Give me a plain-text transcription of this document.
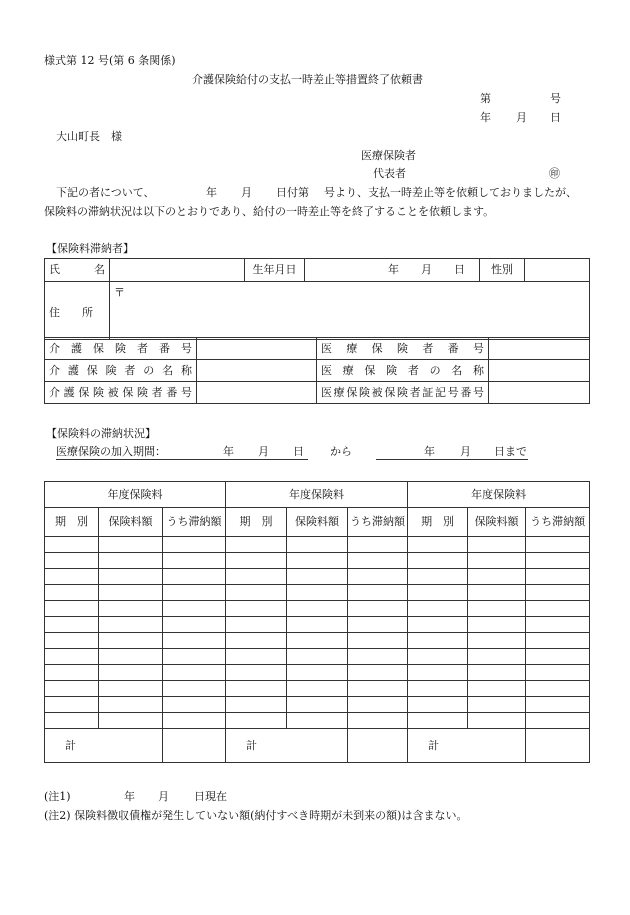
様式第 12 号(第 6 条関係)
介護保険給付の支払一時差止等措置終了依頼書
第	号
年 月 日
大山町長　様
医療保険者
代表者	㊞
下記の者について、	年 月 日付第 号より、支払一時差止等を依頼しておりましたが、
保険料の滞納状況は以下のとおりであり、給付の一時差止等を終了することを依頼します。
【保険料滞納者】
氏　　名		生年月日	年　　月　　日	性別	
住　　所	〒				
介護保険者番号		医療保険者番号	
介護保険者の名称		医療保険者の名称	
介護保険被保険者番号		医療保険被保険者証記号番号	
【保険料の滞納状況】
医療保険の加入期間：	年 月 日 から	年 月 日まで
年度保険料			年度保険料			年度保険料		
期　別	保険料額	うち滞納額	期　別	保険料額	うち滞納額	期　別	保険料額	うち滞納額

計			計			計		
(注1)	年 月 日現在
(注2) 保険料徴収債権が発生していない額(納付すべき時期が未到来の額)は含まない。
